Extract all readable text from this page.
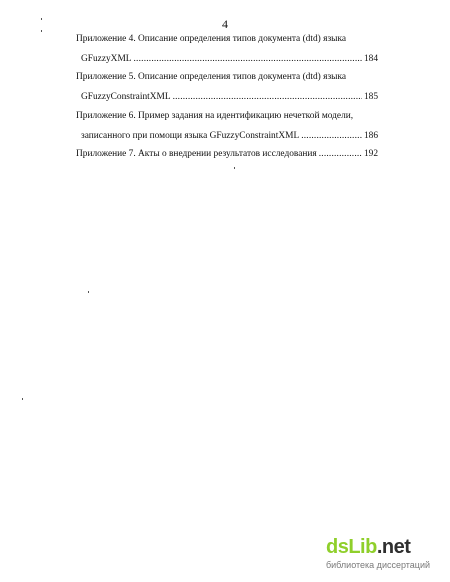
4
Приложение 4. Описание определения типов документа (dtd) языка
GFuzzyXML .....	184
Приложение 5. Описание определения типов документа (dtd) языка
GFuzzyConstraintXML .....	185
Приложение 6. Пример задания на идентификацию нечеткой модели,
записанного при помощи языка GFuzzyConstraintXML .....	186
Приложение 7. Акты о внедрении результатов исследования .....	192
dsLib.net
библиотека диссертаций
